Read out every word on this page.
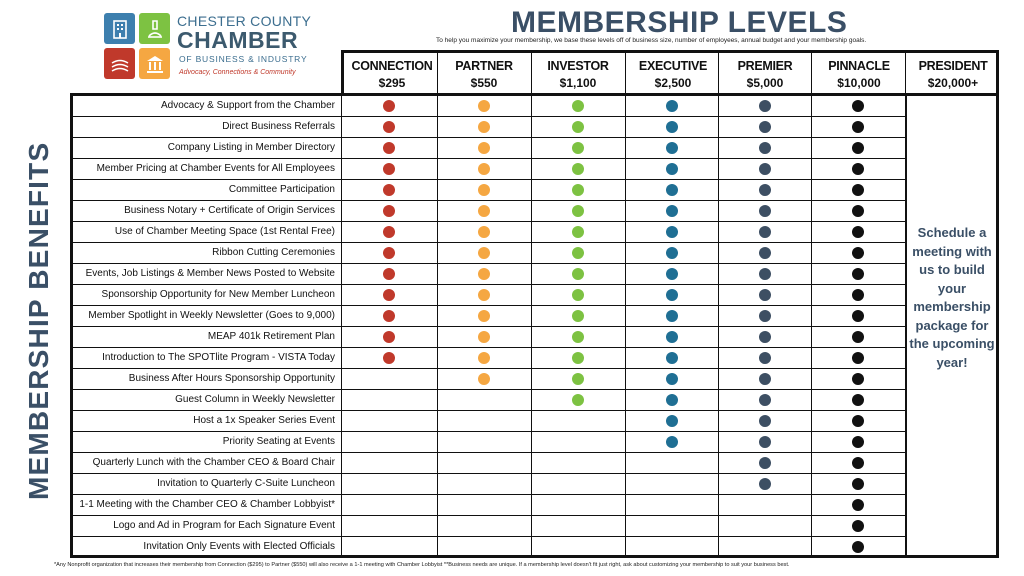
CHESTER COUNTY
CHAMBER
OF BUSINESS & INDUSTRY
Advocacy, Connections & Community
MEMBERSHIP LEVELS
To help you maximize your membership, we base these levels off of business size, number of employees, annual budget and your membership goals.
MEMBERSHIP BENEFITS
CONNECTION
$295
PARTNER
$550
INVESTOR
$1,100
EXECUTIVE
$2,500
PREMIER
$5,000
PINNACLE
$10,000
PRESIDENT
$20,000+
Schedule a meeting with us to build your membership package for the upcoming year!
Advocacy & Support from the Chamber
Direct Business Referrals
Company Listing in Member Directory
Member Pricing at Chamber Events for All Employees
Committee Participation
Business Notary + Certificate of Origin Services
Use of Chamber Meeting Space (1st Rental Free)
Ribbon Cutting Ceremonies
Events, Job Listings & Member News Posted to Website
Sponsorship Opportunity for New Member Luncheon
Member Spotlight in Weekly Newsletter (Goes to 9,000)
MEAP 401k Retirement Plan
Introduction to The SPOTlite Program - VISTA Today
Business After Hours Sponsorship Opportunity
Guest Column in Weekly Newsletter
Host a 1x Speaker Series Event
Priority Seating at Events
Quarterly Lunch with the Chamber CEO & Board Chair
Invitation to Quarterly C-Suite Luncheon
1-1 Meeting with the Chamber CEO & Chamber Lobbyist*
Logo and Ad in Program for Each Signature Event
Invitation Only Events with Elected Officials
*Any Nonprofit organization that increases their membership from Connection ($295) to Partner ($550) will also receive a 1-1 meeting with Chamber Lobbyist **Business needs are unique. If a membership level doesn't fit just right, ask about customizing your membership to suit your business best.
